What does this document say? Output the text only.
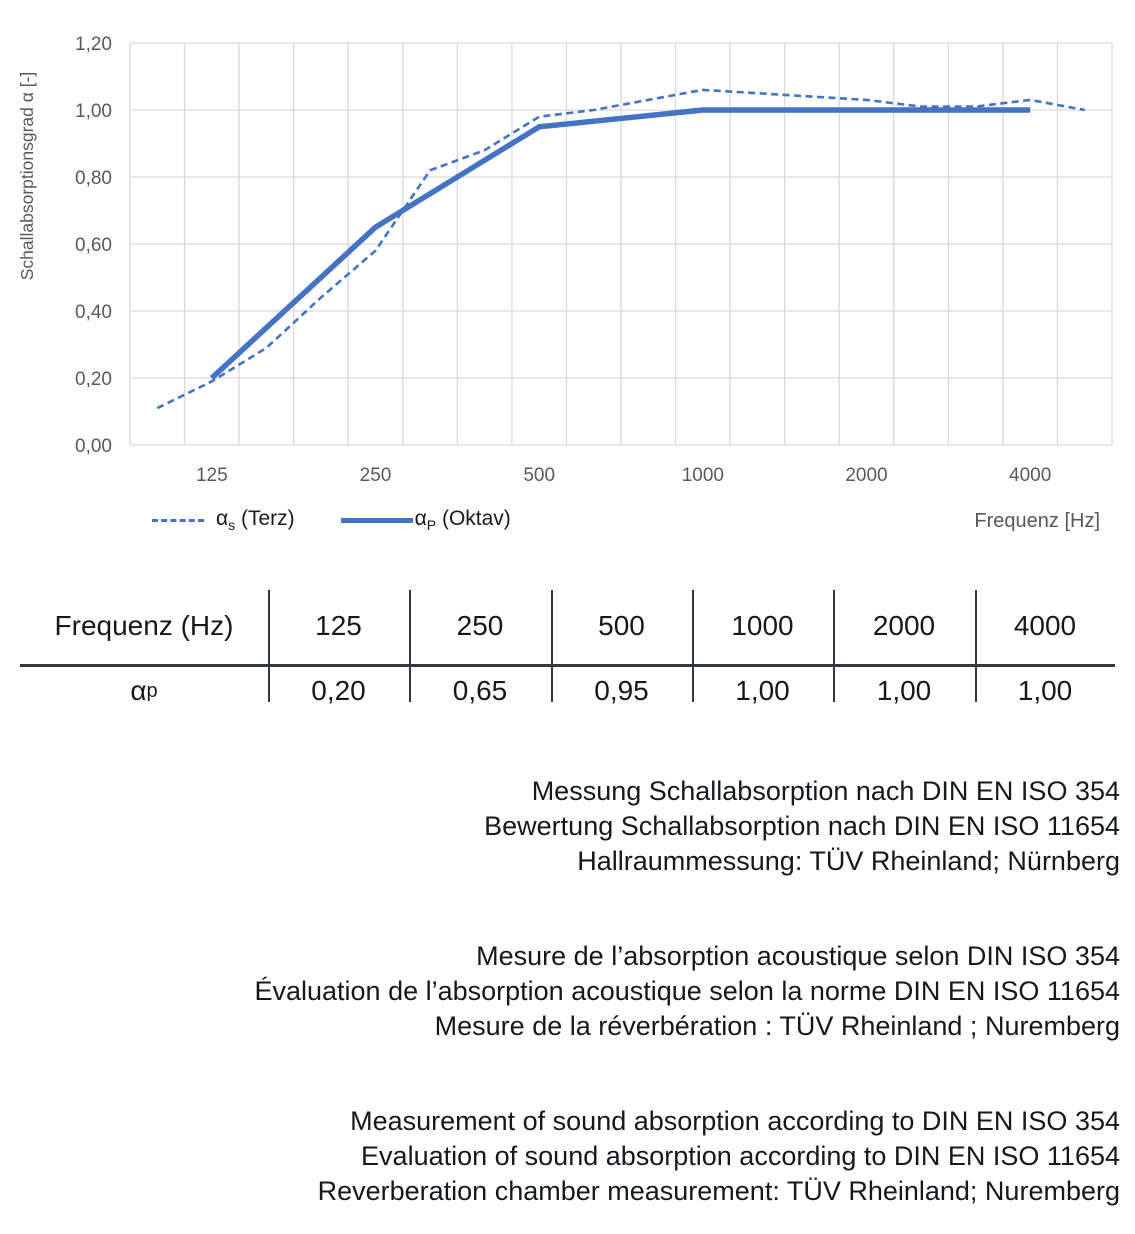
0,00
0,20
0,40
0,60
0,80
1,00
1,20
125	250	500	1000	2000	4000
Schallabsorptionsgrad α [-]
Frequenz [Hz]
$\alpha_s$ (Terz)	$\alpha_P$ (Oktav)
Frequenz (Hz)	125	250	500	1000	2000	4000
α p	0,20	0,65	0,95	1,00	1,00	1,00
Messung Schallabsorption nach DIN EN ISO 354
Bewertung Schallabsorption nach DIN EN ISO 11654
Hallraummessung: TÜV Rheinland; Nürnberg
Mesure de l’absorption acoustique selon DIN ISO 354
Évaluation de l’absorption acoustique selon la norme DIN EN ISO 11654
Mesure de la réverbération : TÜV Rheinland ; Nuremberg
Measurement of sound absorption according to DIN EN ISO 354
Evaluation of sound absorption according to DIN EN ISO 11654
Reverberation chamber measurement: TÜV Rheinland; Nuremberg
